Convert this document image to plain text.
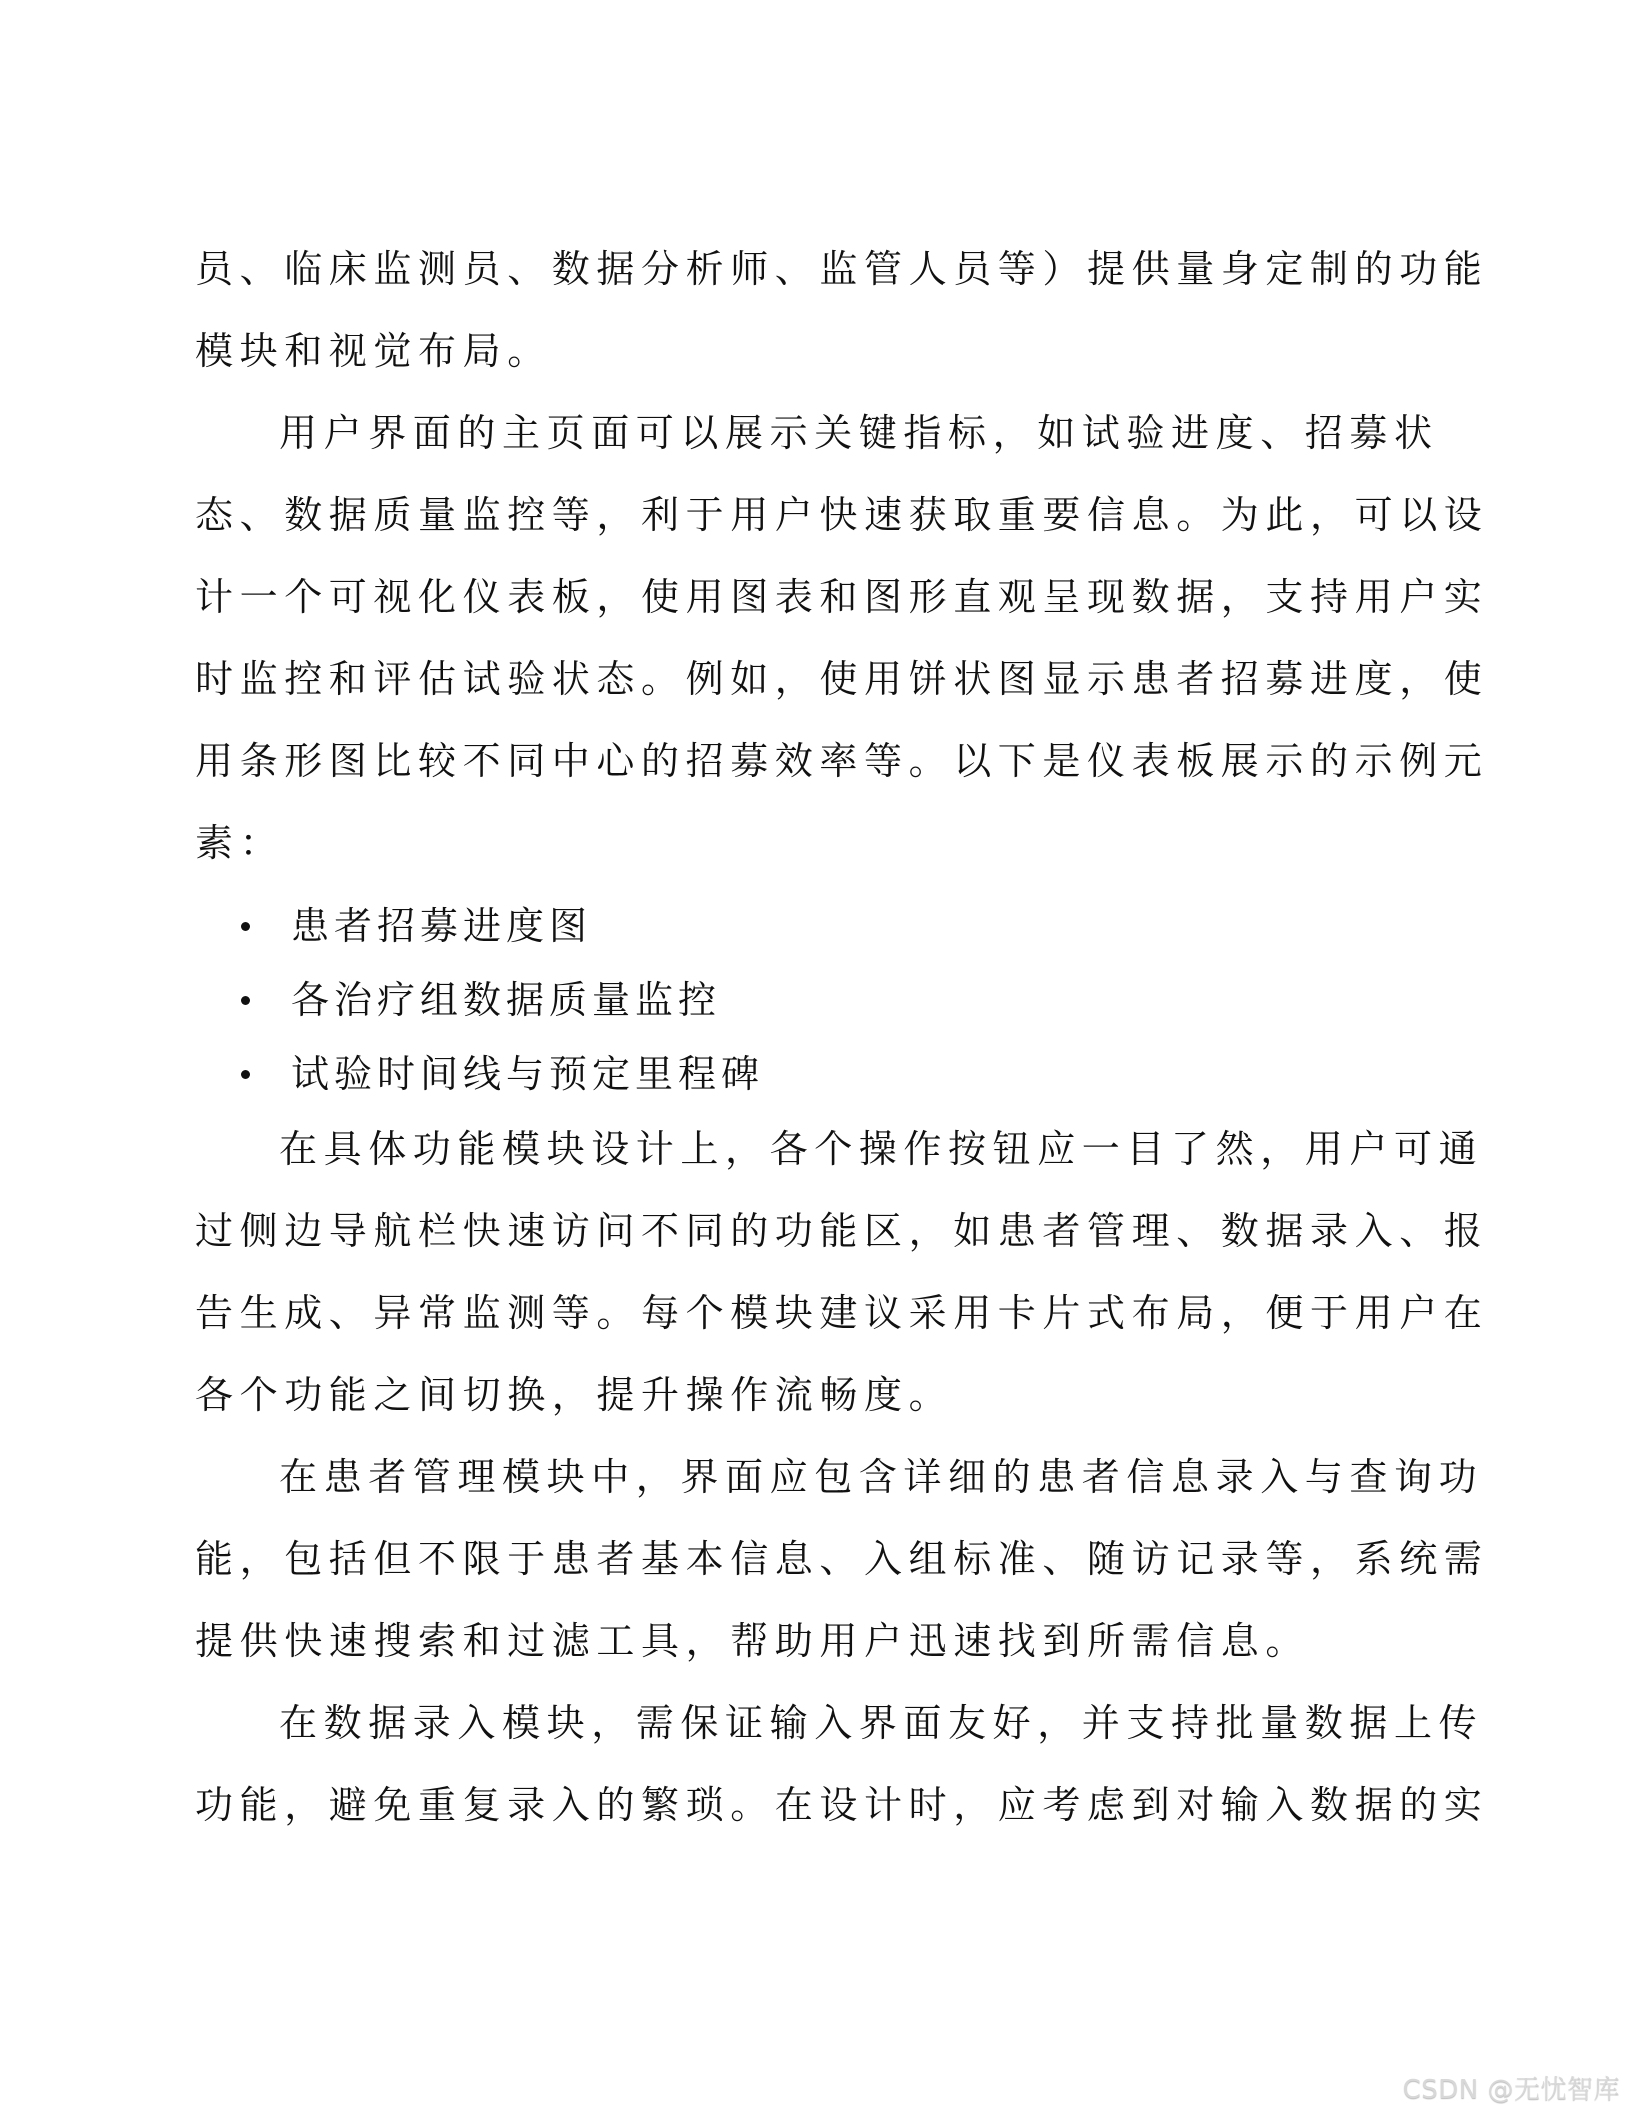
员、临床监测员、数据分析师、监管人员等）提供量身定制的功能
模块和视觉布局。
用户界面的主页面可以展示关键指标，如试验进度、招募状
态、数据质量监控等，利于用户快速获取重要信息。为此，可以设
计一个可视化仪表板，使用图表和图形直观呈现数据，支持用户实
时监控和评估试验状态。例如，使用饼状图显示患者招募进度，使
用条形图比较不同中心的招募效率等。以下是仪表板展示的示例元
素：
患者招募进度图
各治疗组数据质量监控
试验时间线与预定里程碑
在具体功能模块设计上，各个操作按钮应一目了然，用户可通
过侧边导航栏快速访问不同的功能区，如患者管理、数据录入、报
告生成、异常监测等。每个模块建议采用卡片式布局，便于用户在
各个功能之间切换，提升操作流畅度。
在患者管理模块中，界面应包含详细的患者信息录入与查询功
能，包括但不限于患者基本信息、入组标准、随访记录等，系统需
提供快速搜索和过滤工具，帮助用户迅速找到所需信息。
在数据录入模块，需保证输入界面友好，并支持批量数据上传
功能，避免重复录入的繁琐。在设计时，应考虑到对输入数据的实
CSDN @无忧智库
